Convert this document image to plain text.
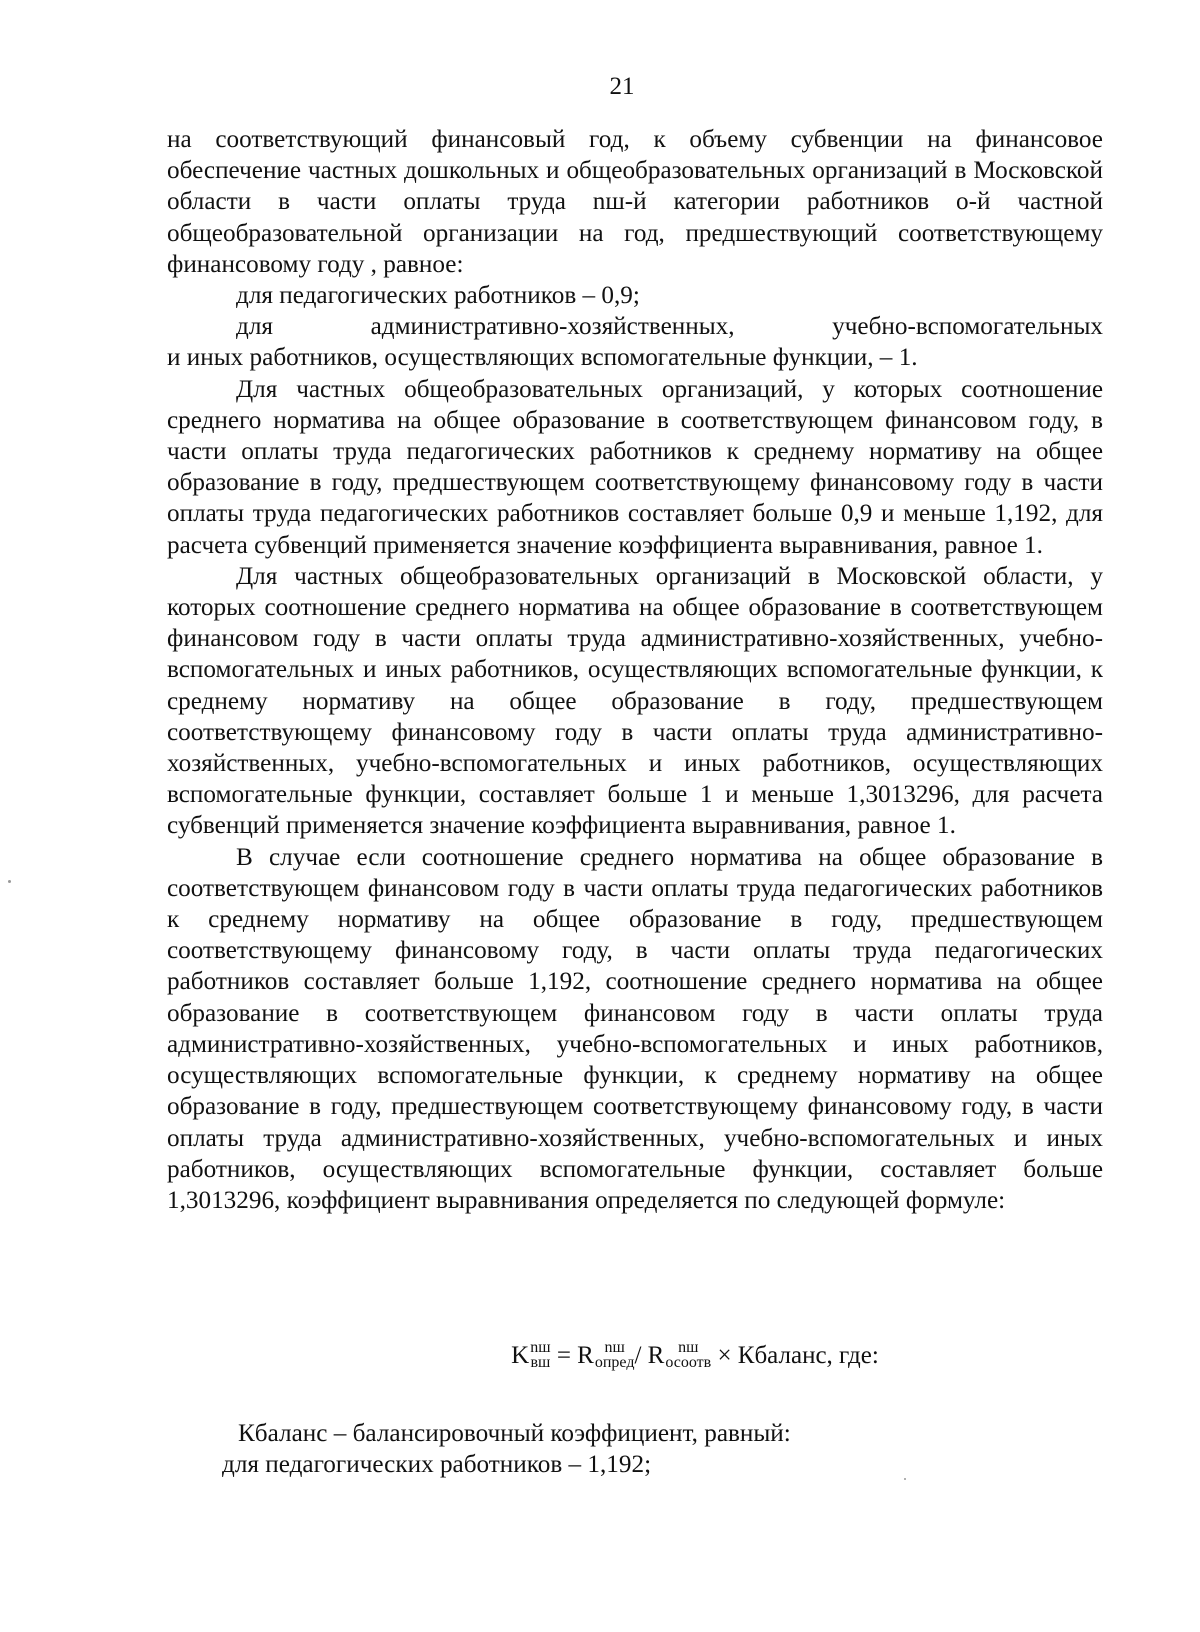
21

на соответствующий финансовый год, к объему субвенции на финансовое обеспечение частных дошкольных и общеобразовательных организаций в Московской области в части оплаты труда nш-й категории работников о-й частной общеобразовательной организации на год, предшествующий соответствующему финансовому году , равное:

для педагогических работников – 0,9;

для административно-хозяйственных, учебно-вспомогательных

и иных работников, осуществляющих вспомогательные функции, – 1.

Для частных общеобразовательных организаций, у которых соотношение среднего норматива на общее образование в соответствующем финансовом году, в части оплаты труда педагогических работников к среднему нормативу на общее образование в году, предшествующем соответствующему финансовому году в части оплаты труда педагогических работников составляет больше 0,9 и меньше 1,192, для расчета субвенций применяется значение коэффициента выравнивания, равное 1.

Для частных общеобразовательных организаций в Московской области, у которых соотношение среднего норматива на общее образование в соответствующем финансовом году в части оплаты труда административно-хозяйственных, учебно-вспомогательных и иных работников, осуществляющих вспомогательные функции, к среднему нормативу на общее образование в году, предшествующем соответствующему финансовому году в части оплаты труда административно-хозяйственных, учебно-вспомогательных и иных работников, осуществляющих вспомогательные функции, составляет больше 1 и меньше 1,3013296, для расчета субвенций применяется значение коэффициента выравнивания, равное 1.

В случае если соотношение среднего норматива на общее образование в соответствующем финансовом году в части оплаты труда педагогических работников к среднему нормативу на общее образование в году, предшествующем соответствующему финансовому году, в части оплаты труда педагогических работников составляет больше 1,192, соотношение среднего норматива на общее образование в соответствующем финансовом году в части оплаты труда административно-хозяйственных, учебно-вспомогательных и иных работников, осуществляющих вспомогательные функции, к среднему нормативу на общее образование в году, предшествующем соответствующему финансовому году, в части оплаты труда административно-хозяйственных, учебно-вспомогательных и иных работников, осуществляющих вспомогательные функции, составляет больше 1,3013296, коэффициент выравнивания определяется по следующей формуле:

K nш
вш = R nш
опред / R nш
осоотв × Кбаланс, где:
Кбаланс – балансировочный коэффициент, равный:
для педагогических работников – 1,192;
